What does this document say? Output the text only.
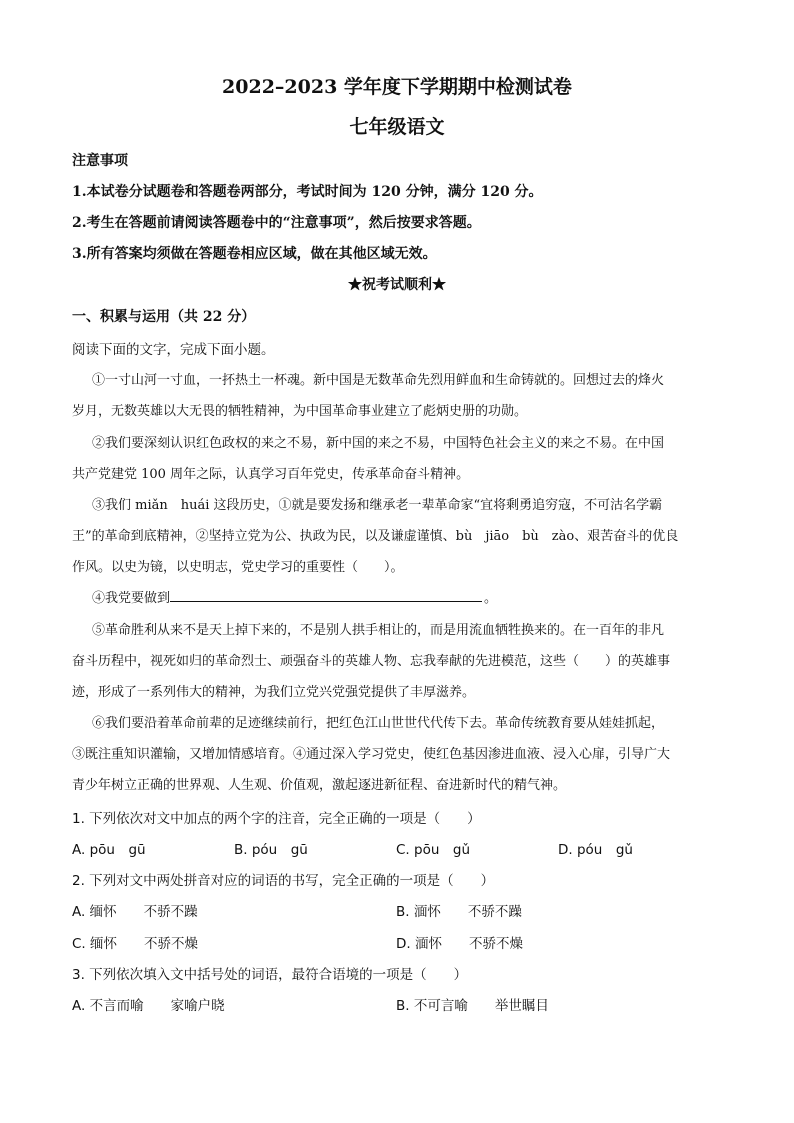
2022–2023 学年度下学期期中检测试卷
七年级语文
注意事项
1.本试卷分试题卷和答题卷两部分，考试时间为 120 分钟，满分 120 分。
2.考生在答题前请阅读答题卷中的“注意事项”，然后按要求答题。
3.所有答案均须做在答题卷相应区域，做在其他区域无效。
★祝考试顺利★
一、积累与运用（共 22 分）
阅读下面的文字，完成下面小题。
①一寸山河一寸血，一抔热土一杯魂。新中国是无数革命先烈用鲜血和生命铸就的。回想过去的烽火
岁月，无数英雄以大无畏的牺牲精神，为中国革命事业建立了彪炳史册的功勋。
②我们要深刻认识红色政权的来之不易，新中国的来之不易，中国特色社会主义的来之不易。在中国
共产党建党 100 周年之际，认真学习百年党史，传承革命奋斗精神。
③我们 miǎn　huái 这段历史，①就是要发扬和继承老一辈革命家“宜将剩勇追穷寇，不可沽名学霸
王”的革命到底精神，②坚持立党为公、执政为民，以及谦虚谨慎、bù　jiāo　bù　zào、艰苦奋斗的优良
作风。以史为镜，以史明志，党史学习的重要性（　　）。
④我党要做到	。
⑤革命胜利从来不是天上掉下来的，不是别人拱手相让的，而是用流血牺牲换来的。在一百年的非凡
奋斗历程中，视死如归的革命烈士、顽强奋斗的英雄人物、忘我奉献的先进模范，这些（　　）的英雄事
迹，形成了一系列伟大的精神，为我们立党兴党强党提供了丰厚滋养。
⑥我们要沿着革命前辈的足迹继续前行，把红色江山世世代代传下去。革命传统教育要从娃娃抓起，
③既注重知识灌输，又增加情感培育。④通过深入学习党史，使红色基因渗进血液、浸入心扉，引导广大
青少年树立正确的世界观、人生观、价值观，激起逐进新征程、奋进新时代的精气神。
1. 下列依次对文中加点的两个字的注音，完全正确的一项是（　　）
A. pōu　gū	B. póu　gū	C. pōu　gǔ	D. póu　gǔ
2. 下列对文中两处拼音对应的词语的书写，完全正确的一项是（　　）
A. 缅怀　　不骄不躁	B. 湎怀　　不骄不躁
C. 缅怀　　不骄不燥	D. 湎怀　　不骄不燥
3. 下列依次填入文中括号处的词语，最符合语境的一项是（　　）
A. 不言而喻　　家喻户晓	B. 不可言喻　　举世瞩目
